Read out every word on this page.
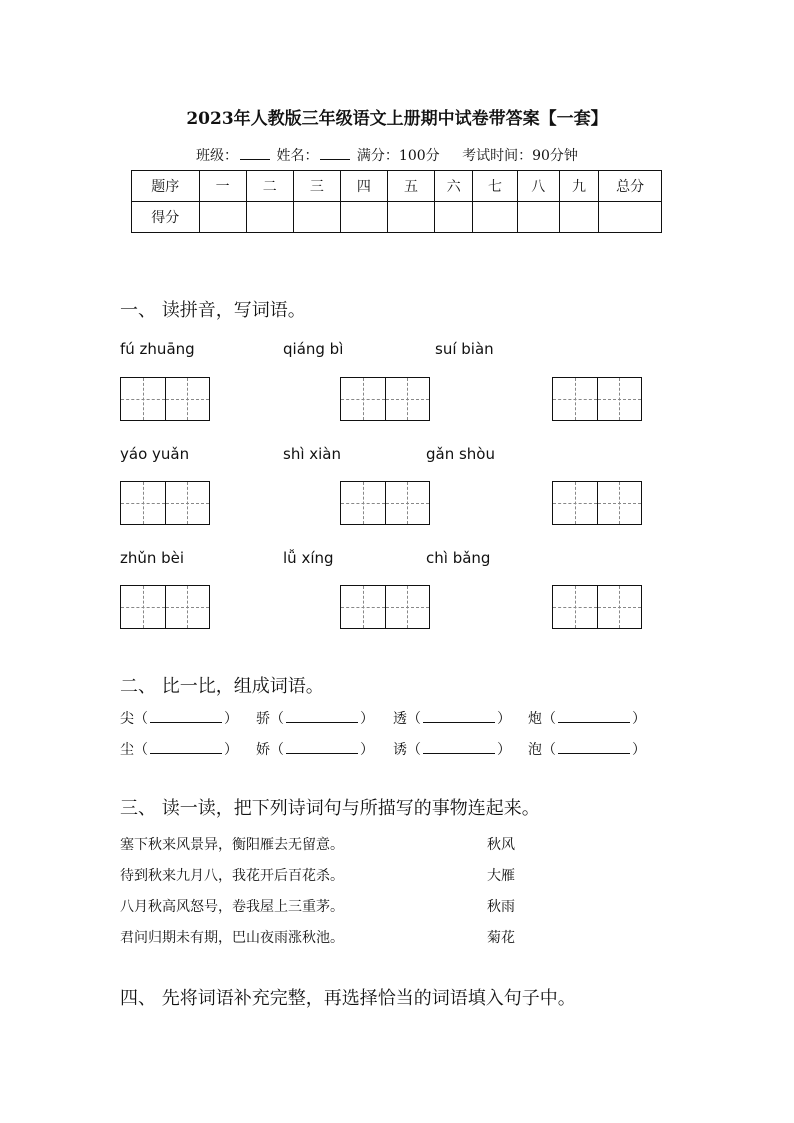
2023年人教版三年级语文上册期中试卷带答案【一套】
班级：	姓名：	满分：100分 考试时间：90分钟
题序	一	二	三	四	五	六	七	八	九	总分
得分										
一、 读拼音，写词语。
fú zhuāng	qiáng bì	suí biàn
yáo yuǎn	shì xiàn	gǎn shòu
zhǔn bèi	lǚ xíng	chì bǎng
二、 比一比，组成词语。
尖（	） 骄（	） 透（	） 炮（	）
尘（	） 娇（	） 诱（	） 泡（	）
三、 读一读，把下列诗词句与所描写的事物连起来。
塞下秋来风景异，衡阳雁去无留意。	秋风
待到秋来九月八，我花开后百花杀。	大雁
八月秋高风怒号，卷我屋上三重茅。	秋雨
君问归期未有期，巴山夜雨涨秋池。	菊花
四、 先将词语补充完整，再选择恰当的词语填入句子中。
